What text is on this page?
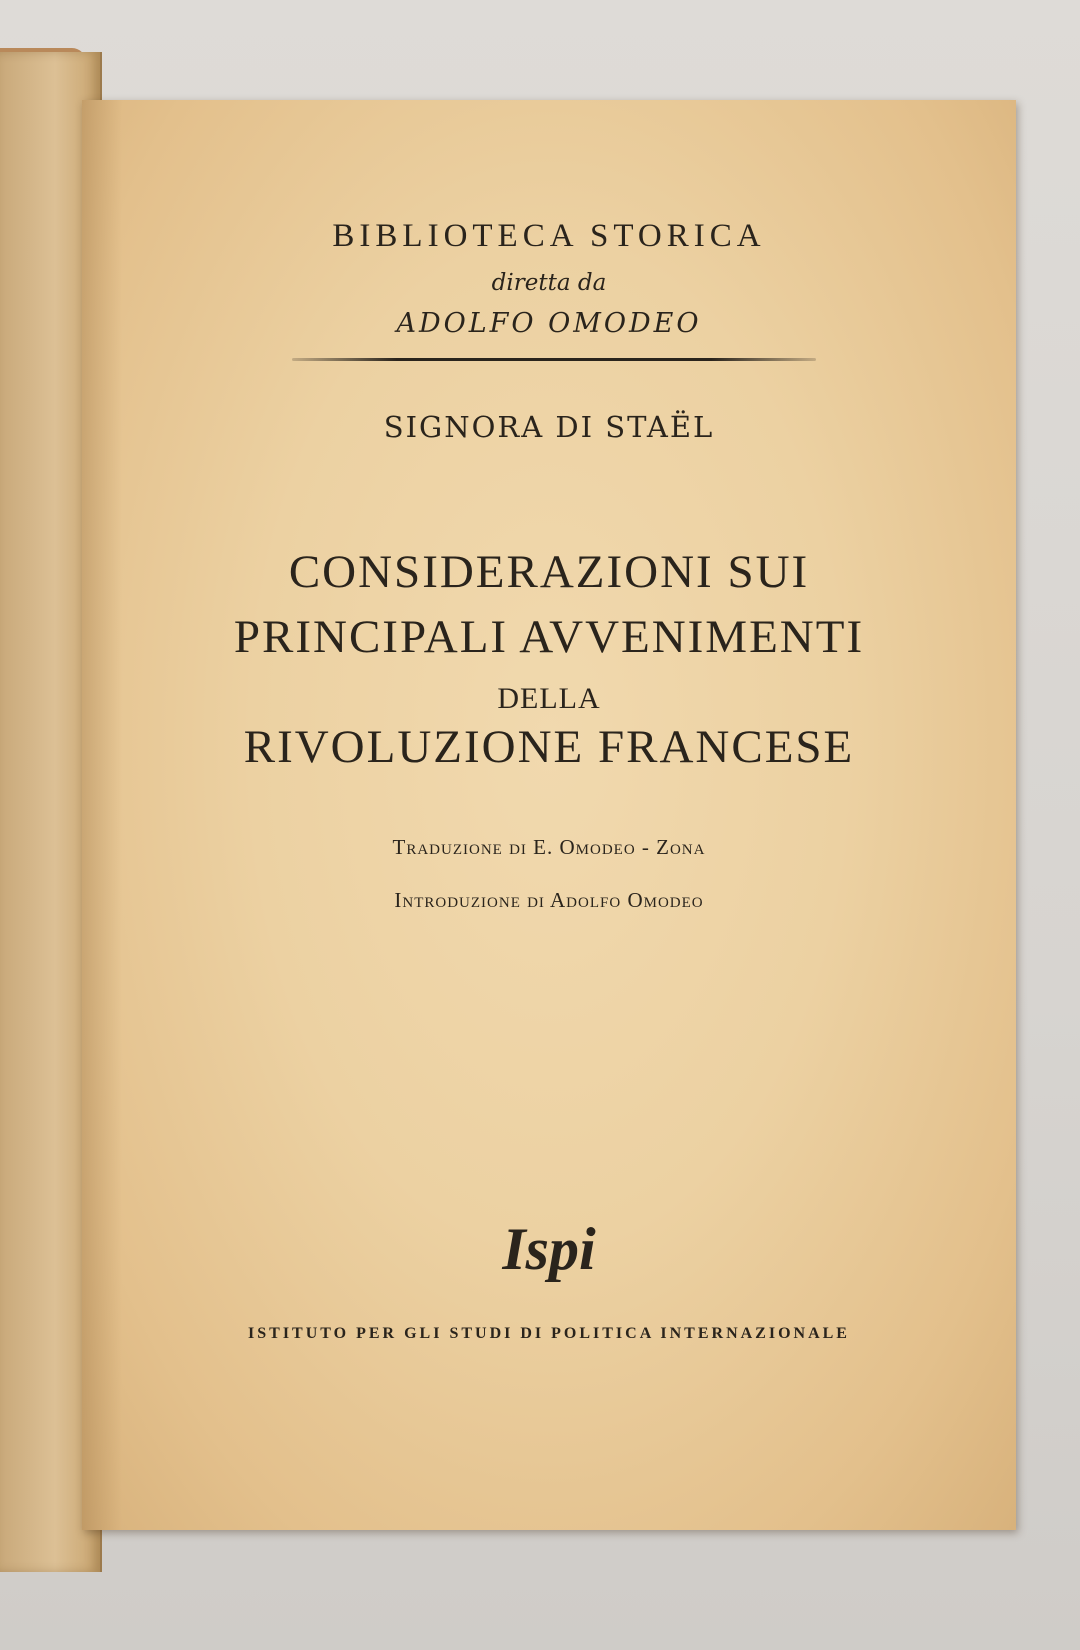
BIBLIOTECA STORICA
diretta da
ADOLFO OMODEO
SIGNORA DI STAËL
CONSIDERAZIONI SUI
PRINCIPALI AVVENIMENTI
DELLA
RIVOLUZIONE FRANCESE
Traduzione di E. Omodeo - Zona
Introduzione di Adolfo Omodeo
Ispi
ISTITUTO PER GLI STUDI DI POLITICA INTERNAZIONALE
